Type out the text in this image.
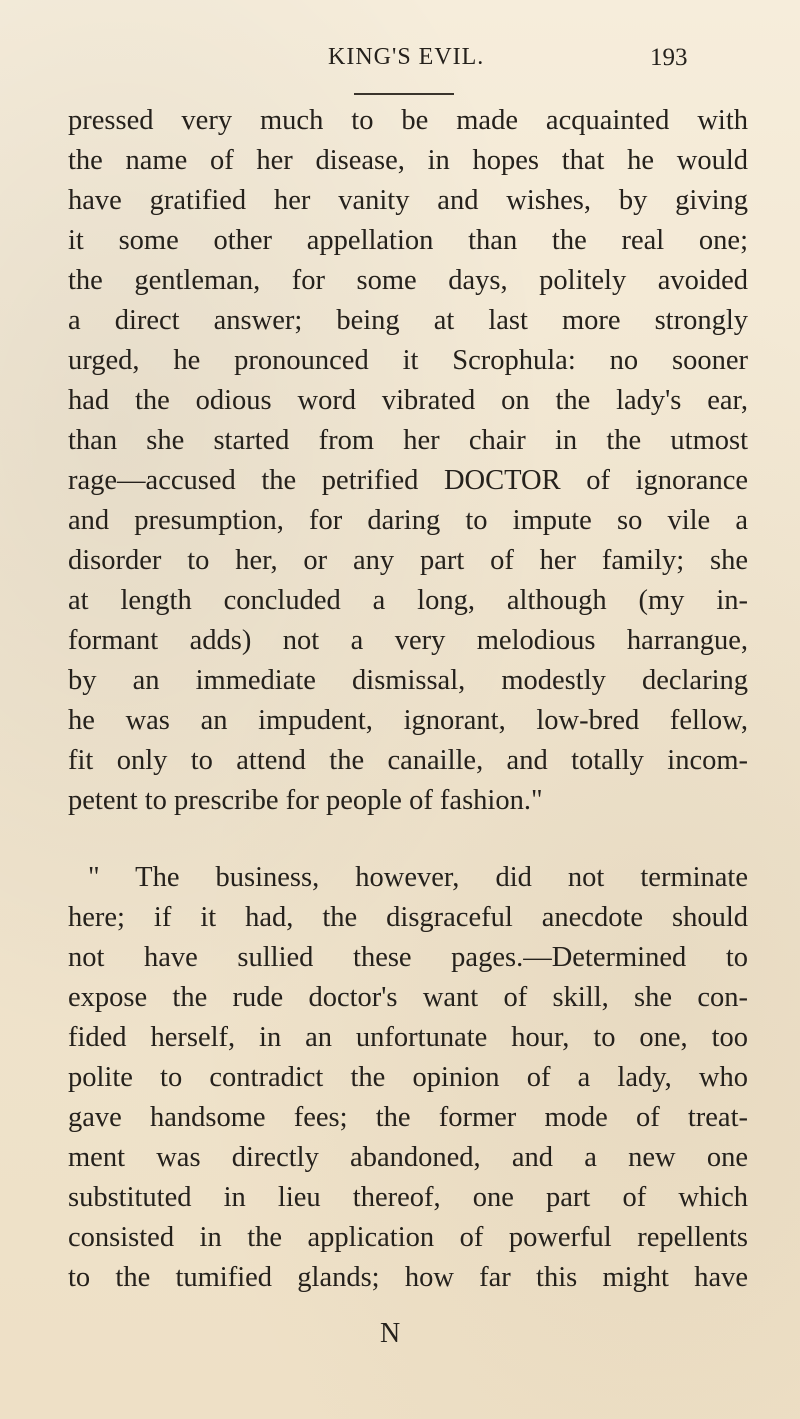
KING'S EVIL.	193
pressed very much to be made acquainted with
the name of her disease, in hopes that he would
have gratified her vanity and wishes, by giving
it some other appellation than the real one;
the gentleman, for some days, politely avoided
a direct answer; being at last more strongly
urged, he pronounced it Scrophula: no sooner
had the odious word vibrated on the lady's ear,
than she started from her chair in the utmost
rage—accused the petrified DOCTOR of ignorance
and presumption, for daring to impute so vile a
disorder to her, or any part of her family; she
at length concluded a long, although (my in-
formant adds) not a very melodious harrangue,
by an immediate dismissal, modestly declaring
he was an impudent, ignorant, low-bred fellow,
fit only to attend the canaille, and totally incom-
petent to prescribe for people of fashion."
" The business, however, did not terminate
here; if it had, the disgraceful anecdote should
not have sullied these pages.—Determined to
expose the rude doctor's want of skill, she con-
fided herself, in an unfortunate hour, to one, too
polite to contradict the opinion of a lady, who
gave handsome fees; the former mode of treat-
ment was directly abandoned, and a new one
substituted in lieu thereof, one part of which
consisted in the application of powerful repellents
to the tumified glands; how far this might have
N
